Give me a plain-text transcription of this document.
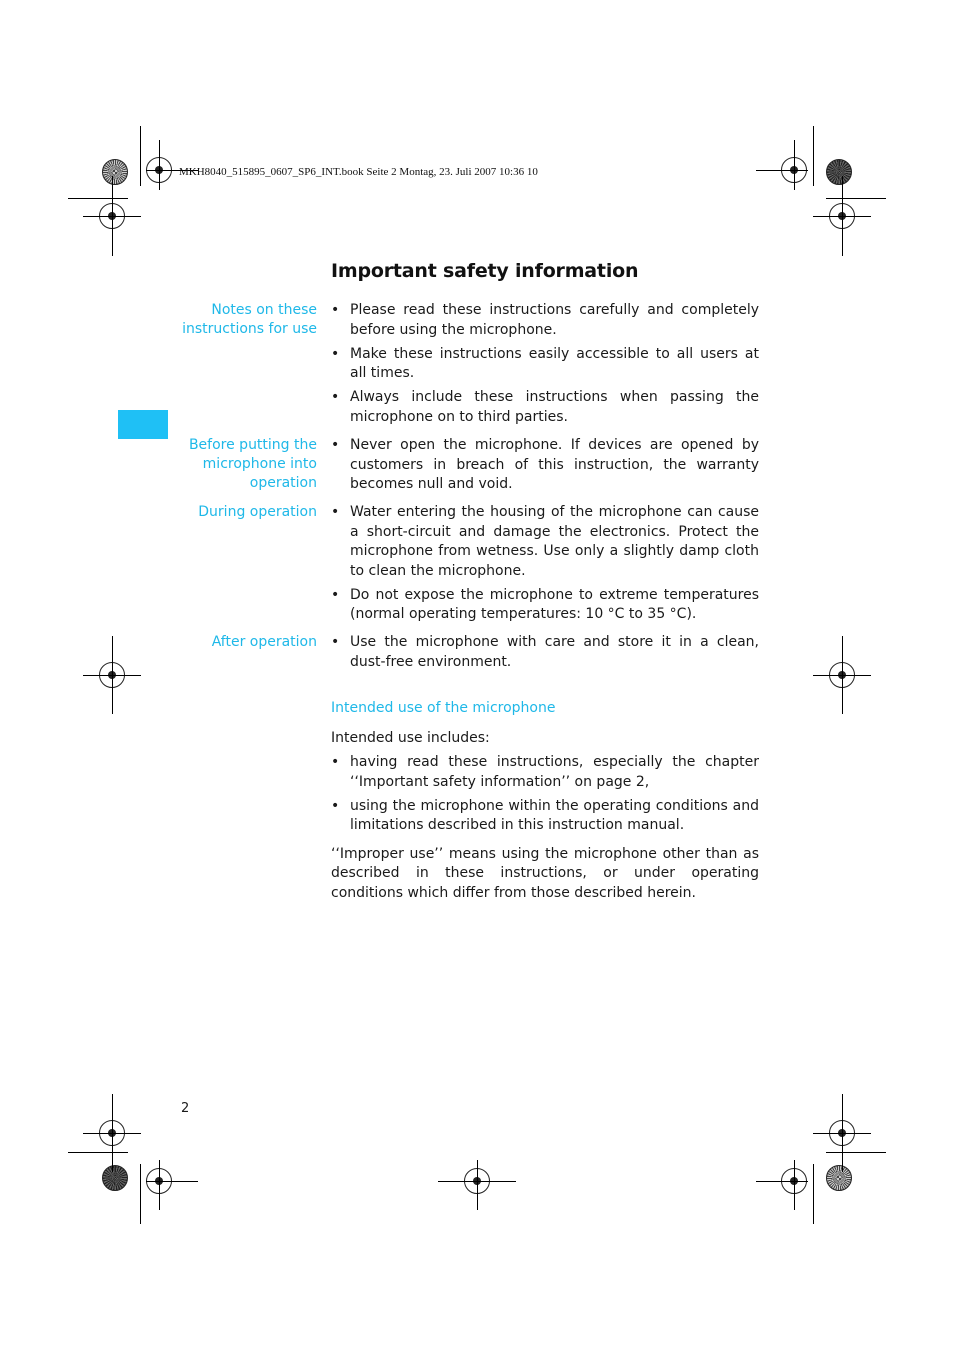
MKH8040_515895_0607_SP6_INT.book Seite 2 Montag, 23. Juli 2007 10:36 10
Important safety information
Notes on these
instructions for use
• Please read these instructions carefully and completely before using the microphone.
• Make these instructions easily accessible to all users at all times.
• Always include these instructions when passing the microphone on to third parties.
Before putting the
microphone into
operation
• Never open the microphone. If devices are opened by customers in breach of this instruction, the warranty becomes null and void.
During operation	• Water entering the housing of the microphone can cause a short-circuit and damage the electronics. Protect the microphone from wetness. Use only a slightly damp cloth to clean the microphone.
• Do not expose the microphone to extreme temperatures (normal operating temperatures: 10 °C to 35 °C).
After operation	• Use the microphone with care and store it in a clean, dust-free environment.
Intended use of the microphone

Intended use includes:

• having read these instructions, especially the chapter ‘‘Important safety information’’ on page 2,
• using the microphone within the operating conditions and limitations described in this instruction manual.

‘‘Improper use’’ means using the microphone other than as described in these instructions, or under operating conditions which differ from those described herein.

2
